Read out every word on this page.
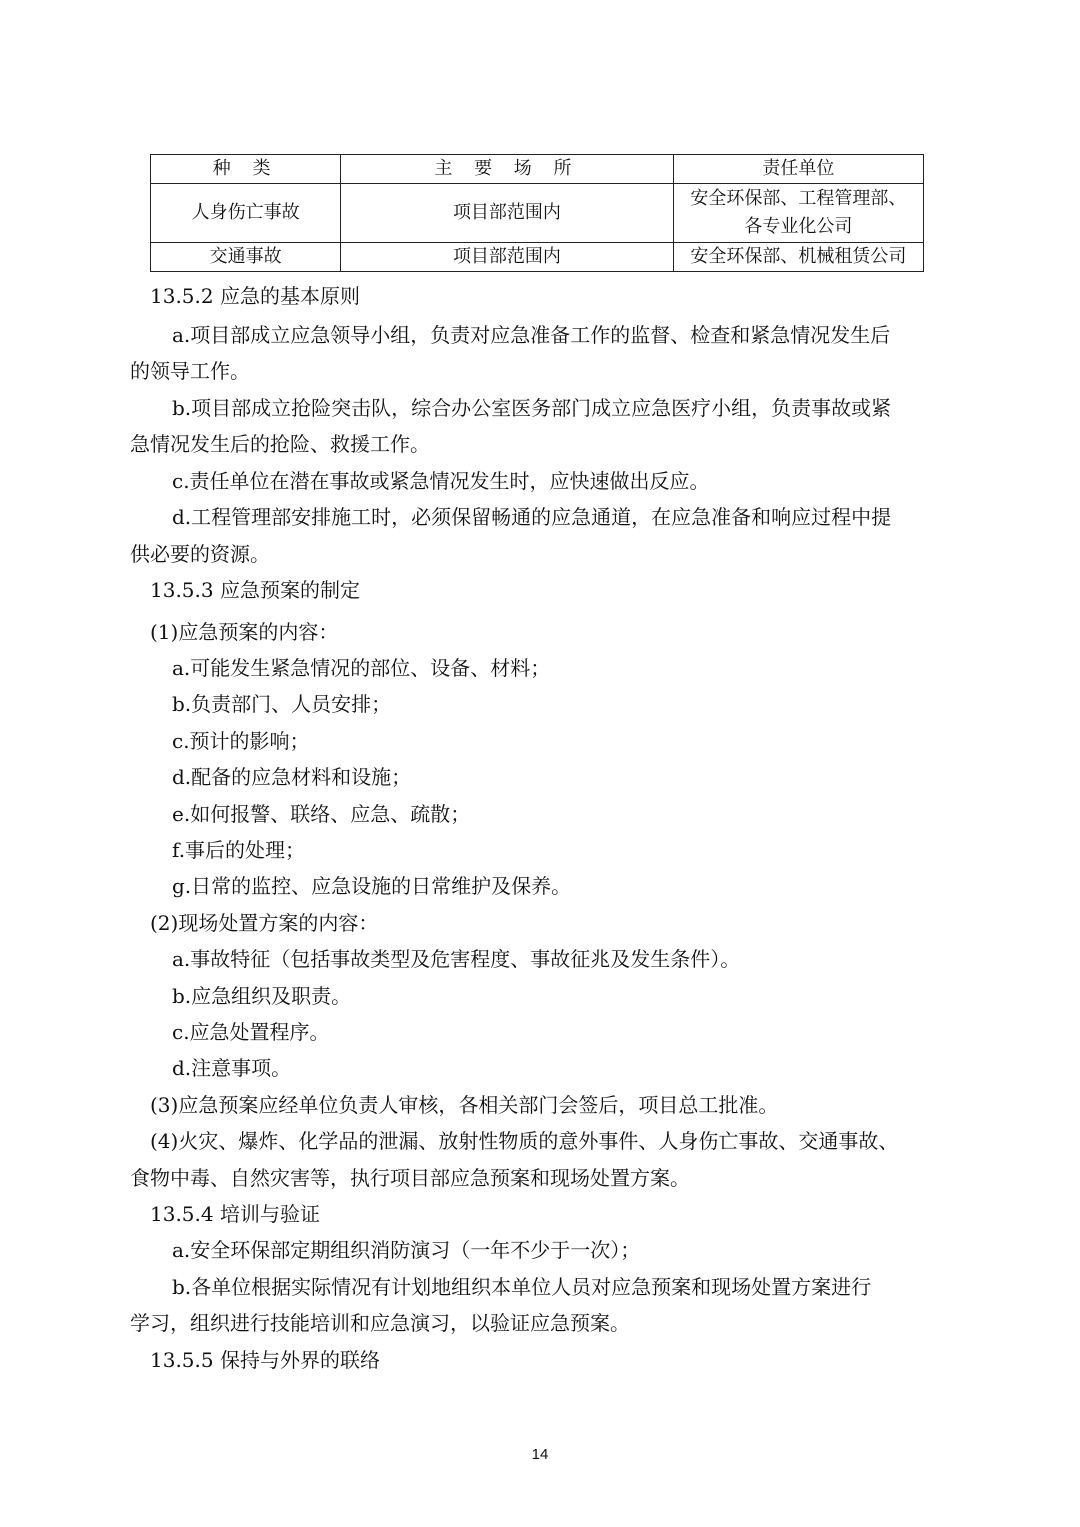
种 类	主 要 场 所	责任单位
人身伤亡事故	项目部范围内	安全环保部、工程管理部、
各专业化公司

交通事故	项目部范围内	安全环保部、机械租赁公司
13.5.2 应急的基本原则
a.项目部成立应急领导小组，负责对应急准备工作的监督、检查和紧急情况发生后
的领导工作。
b.项目部成立抢险突击队，综合办公室医务部门成立应急医疗小组，负责事故或紧
急情况发生后的抢险、救援工作。
c.责任单位在潜在事故或紧急情况发生时，应快速做出反应。
d.工程管理部安排施工时，必须保留畅通的应急通道，在应急准备和响应过程中提
供必要的资源。
13.5.3 应急预案的制定
(1)应急预案的内容：
a.可能发生紧急情况的部位、设备、材料；
b.负责部门、人员安排；
c.预计的影响；
d.配备的应急材料和设施；
e.如何报警、联络、应急、疏散；
f.事后的处理；
g.日常的监控、应急设施的日常维护及保养。
(2)现场处置方案的内容：
a.事故特征（包括事故类型及危害程度、事故征兆及发生条件）。
b.应急组织及职责。
c.应急处置程序。
d.注意事项。
(3)应急预案应经单位负责人审核，各相关部门会签后，项目总工批准。
(4)火灾、爆炸、化学品的泄漏、放射性物质的意外事件、人身伤亡事故、交通事故、
食物中毒、自然灾害等，执行项目部应急预案和现场处置方案。
13.5.4 培训与验证
a.安全环保部定期组织消防演习（一年不少于一次）；
b.各单位根据实际情况有计划地组织本单位人员对应急预案和现场处置方案进行
学习，组织进行技能培训和应急演习，以验证应急预案。
13.5.5 保持与外界的联络
14
